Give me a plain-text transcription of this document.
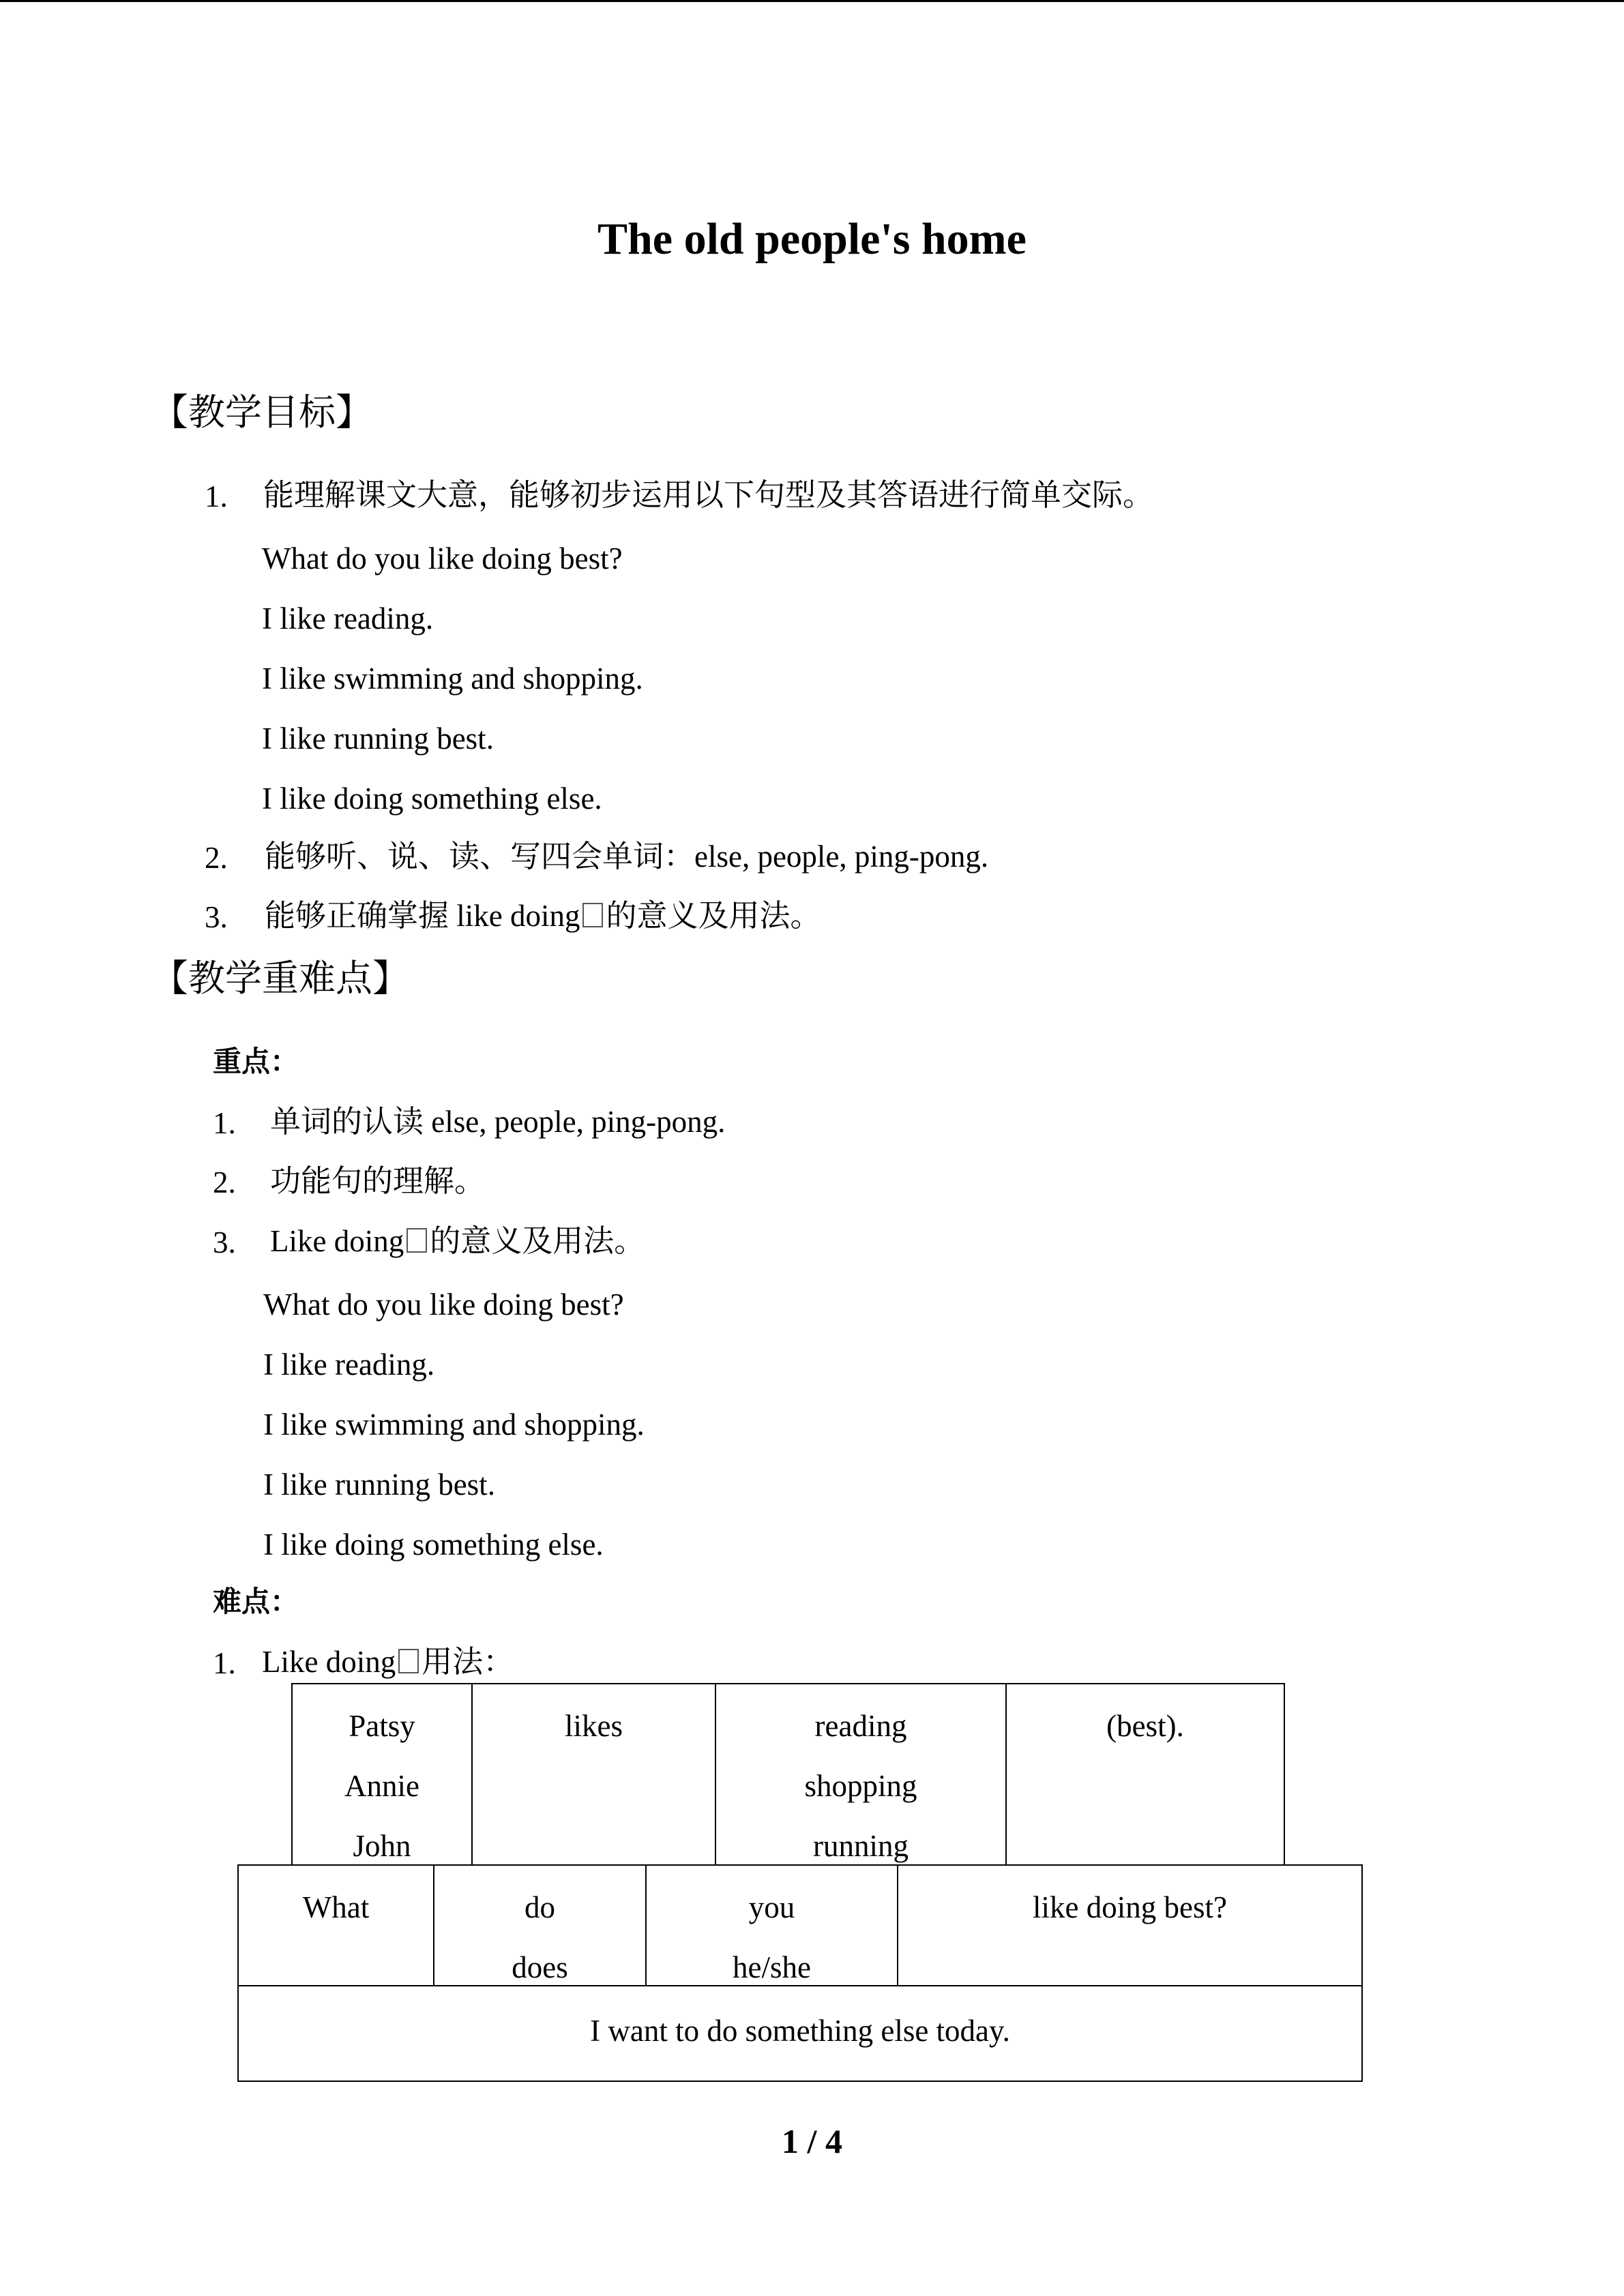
The old people's home
【教学目标】
1. 能理解课文大意，能够初步运用以下句型及其答语进行简单交际。
What do you like doing best?
I like reading.
I like swimming and shopping.
I like running best.
I like doing something else.
2. 能够听、说、读、写四会单词：else, people, ping-pong.
3. 能够正确掌握 like doing 的意义及用法。
【教学重难点】
重点：
1. 单词的认读 else, people, ping-pong.
2. 功能句的理解。
3. Like doing 的意义及用法。
What do you like doing best?
I like reading.
I like swimming and shopping.
I like running best.
I like doing something else.
难点：
1. Like doing 用法：
Patsy
Annie
John
likes	reading
shopping
running
(best).
What	do
does
you
he/she
like doing best?
I want to do something else today.
1 / 4
